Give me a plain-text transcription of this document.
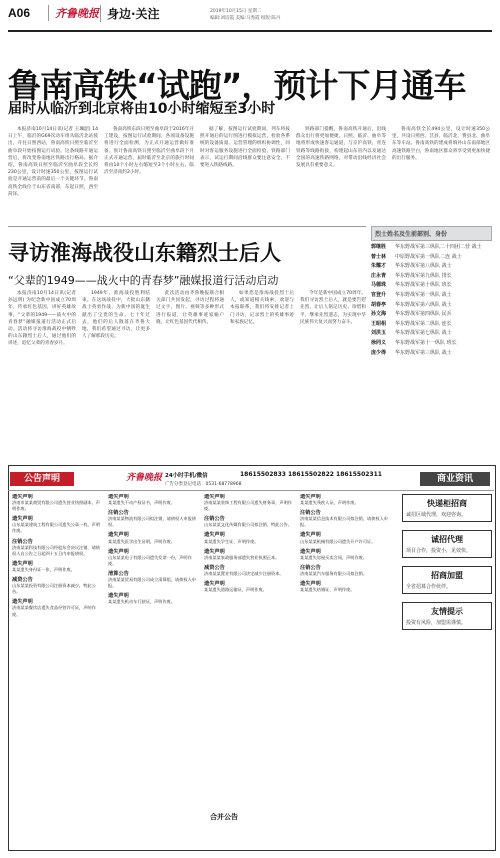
A06	齐鲁晚报 身边·关注	2019年10月15日 星期二
编辑:刘培霞 美编:马秀霞 组版:陈丹
鲁南高铁“试跑”，预计下月通车
届时从临沂到北京将由10小时缩短至3小时

本报济南10月14日讯(记者 王珮韶) 14日上午，临沂的G69次动车组从临沂北站驶出，开往日照西站，鲁南高铁日照至临沂至曲阜段开始按图运行试验。这条线路开通运营后，将改变鲁南地区铁路出行格局。据介绍，鲁南高铁日照至临沂至曲阜段全长约230公里，设计时速350公里，按图运行试验是开通运营前的最后一个关键环节。鲁南高铁全线位于山东省南部，东起日照，西至菏泽。

鲁南高铁东段日照至曲阜段于2016年开工建设，按图运行试验期间，各项设备设施将进行全面检测，为正式开通运营做好准备。预计鲁南高铁日照至临沂至曲阜段下月正式开通运营，届时临沂至北京的旅行时间将由10个小时左右缩短至3个小时左右，临沂至济南约2小时。

据了解，按图运行试验期间，列车将按照开通后的运行图进行模拟运营，检验各系统的设备质量、运营管理的组织协调性，同时对客运服务设施进行全面检验。铁路部门表示，试运行期间沿线群众要注意安全，不要进入铁路线路。

铁路部门提醒，鲁南高铁开通后，沿线群众出行将更加便捷。日照、临沂、曲阜等地将形成快速客运通道，与京沪高铁、青连铁路等线路衔接，构建起山东省内以及通达全国的高速铁路网络，对带动沿线经济社会发展具有重要意义。

鲁南高铁全长494公里，设计时速350公里，共设日照西、莒县、临沂北、费县北、曲阜东等车站。鲁南高铁的建成将填补山东南部地区高速铁路空白，鲁南地区群众将享受到更加快捷的出行服务。

寻访淮海战役山东籍烈士后人
“父辈的1949——战火中的青春梦”融媒报道行活动启动

本报济南10月14日讯(记者 孙远明) 为纪念新中国成立70周年，传承红色基因，讲好英雄故事，“父辈的1949——战火中的青春梦”融媒报道行活动正式启动。活动将寻访淮海战役中牺牲的山东籍烈士后人，通过他们的讲述，追忆父辈的青春岁月。

1949年，淮海战役胜利结束。在这场战役中，大批山东籍战士英勇作战，为新中国的诞生献出了宝贵的生命。七十年过去，他们的后人散落在齐鲁大地，我们希望通过寻访，让更多人了解那段历史。

此次活动由齐鲁晚报联合相关部门共同发起，寻访过程将通过文字、图片、视频等多种形式进行报道，让英雄事迹家喻户晓，让红色基因代代相传。

如果您是淮海战役烈士后人，或知道相关线索，欢迎与本报联系，我们将安排记者上门寻访，记录烈士的英雄事迹和家族记忆。

今年是新中国成立70周年。我们寻访烈士后人，就是要告慰先烈，让后人铭记历史、珍惜和平，继承先烈遗志，为实现中华民族伟大复兴而努力奋斗。

烈士姓名及生前部别、身份
郭继胜	华东野战军第三纵队二十四团二营 战士
曾士林	中原野战军第一纵队二连 战士
朱耀才	华东野战军第八纵队 战士
庄永青	华东野战军第九纵队 排长
马德珠	华东野战军第十纵队 班长
官登升	华东野战军第一纵队 战士
胡春亭	华东野战军第六纵队 战士
孙文海	华东野战军第四纵队 民兵
王昭相	华东野战军第二纵队 连长
刘洪玉	华东野战军第七纵队 战士
徐同义	华东野战军第十一纵队 班长
庞少得	华东野战军第三纵队 战士
公告声明	齐鲁晚报 24小时手机/微信	18615502833 18615502822 18615502311
广告分类登记电话：0531-68778968
商业资讯
遗失声明
济南市某某商贸有限公司遗失营业执照副本，声明作废。
遗失声明
山东某某建筑工程有限公司遗失公章一枚，声明作废。
注销公告
济南某某科技有限公司经股东会决议注销，请债权人自公告之日起四十五日内申报债权。
遗失声明
某某遗失身份证一张，声明作废。
减资公告
山东某某投资有限公司注册资本减少，特此公告。
遗失声明
济南某某餐饮店遗失食品经营许可证，声明作废。
遗失声明
某某遗失不动产权证书，声明作废。
注销公告
济南某某物流有限公司拟注销，请债权人申报债权。
遗失声明
某某遗失医学出生证明，声明作废。
遗失声明
山东某某电子有限公司遗失发票一份，声明作废。
清算公告
济南某某贸易有限公司成立清算组，请债权人申报。
遗失声明
某某遗失机动车行驶证，声明作废。
遗失声明
济南某某装饰工程有限公司遗失财务章，声明作废。
注销公告
山东某某文化传媒有限公司拟注销，特此公告。
遗失声明
某某遗失学生证，声明作废。
遗失声明
济南某某家政服务部遗失营业执照正本。
减资公告
济南某某置业有限公司决定减少注册资本。
遗失声明
某某遗失道路运输证，声明作废。
遗失声明
某某遗失残疾人证，声明作废。
注销公告
济南某某信息技术有限公司拟注销，请债权人申报。
遗失声明
山东某某机械有限公司遗失开户许可证。
遗失声明
某某遗失房屋买卖合同，声明作废。
注销公告
济南某某汽车服务有限公司拟注销。
遗失声明
某某遗失结婚证，声明作废。
快递柜招商
诚招区域代理，欢迎咨询。
诚招代理
项目合作，投资小，见效快。
招商加盟
全省招募合作伙伴。
友情提示
投资有风险，加盟需谨慎。
合并公告
